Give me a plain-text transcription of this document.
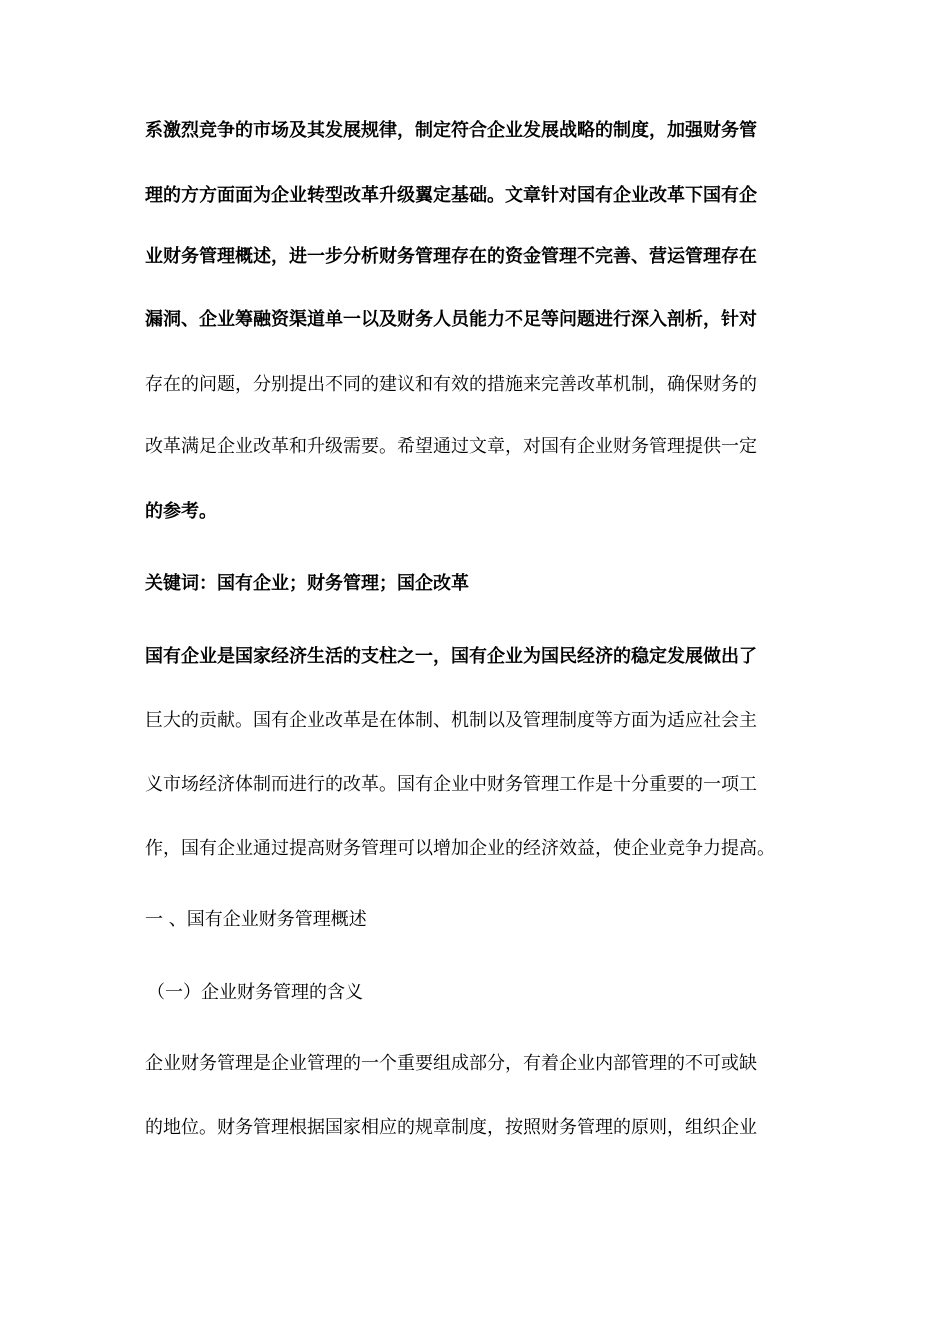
系激烈竞争的市场及其发展规律，制定符合企业发展战略的制度，加强财务管
理的方方面面为企业转型改革升级翼定基础。文章针对国有企业改革下国有企
业财务管理概述，进一步分析财务管理存在的资金管理不完善、营运管理存在
漏洞、企业筹融资渠道单一以及财务人员能力不足等问题进行深入剖析，针对
存在的问题，分别提出不同的建议和有效的措施来完善改革机制，确保财务的
改革满足企业改革和升级需要。希望通过文章，对国有企业财务管理提供一定
的参考。
关键词：国有企业；财务管理；国企改革
国有企业是国家经济生活的支柱之一，国有企业为国民经济的稳定发展做出了
巨大的贡献。国有企业改革是在体制、机制以及管理制度等方面为适应社会主
义市场经济体制而进行的改革。国有企业中财务管理工作是十分重要的一项工
作，国有企业通过提高财务管理可以增加企业的经济效益，使企业竞争力提高。
一 、国有企业财务管理概述
（一）企业财务管理的含义
企业财务管理是企业管理的一个重要组成部分，有着企业内部管理的不可或缺
的地位。财务管理根据国家相应的规章制度，按照财务管理的原则，组织企业
